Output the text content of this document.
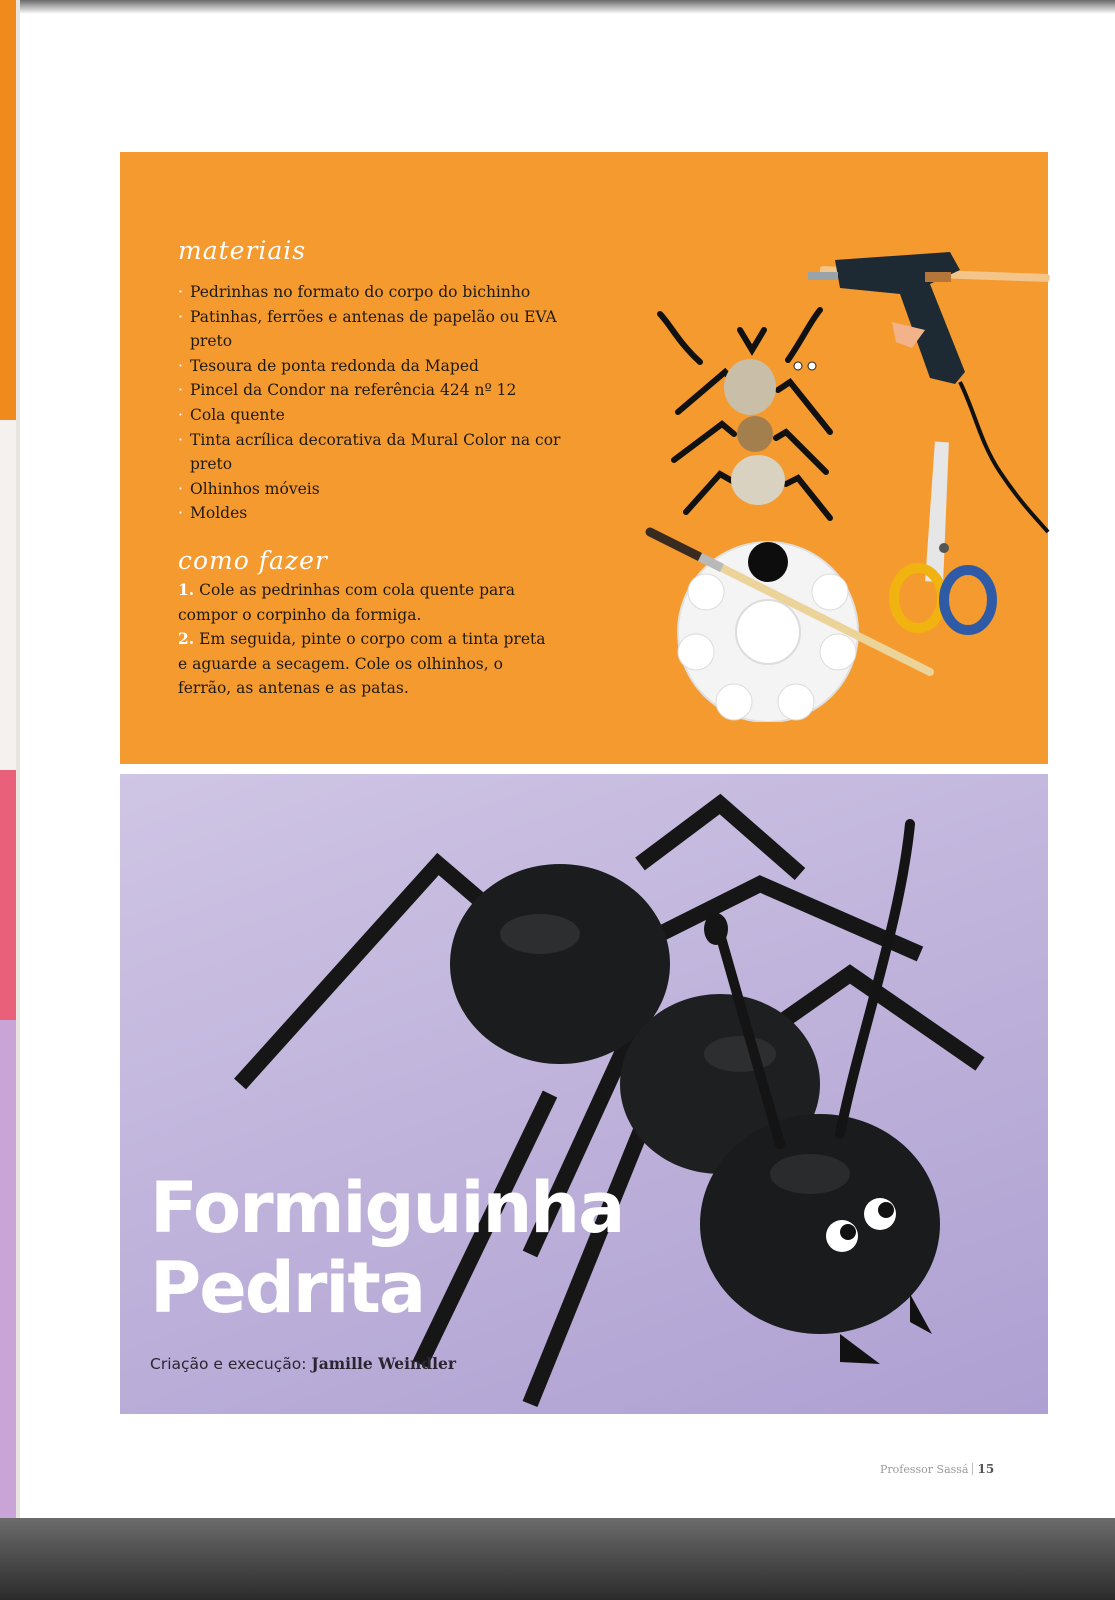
materiais
· Pedrinhas no formato do corpo do bichinho
· Patinhas, ferrões e antenas de papelão ou EVA preto
· Tesoura de ponta redonda da Maped
· Pincel da Condor na referência 424 nº 12
· Cola quente
· Tinta acrílica decorativa da Mural Color na cor preto
· Olhinhos móveis
· Moldes
como fazer

1. Cole as pedrinhas com cola quente para compor o corpinho da formiga.

2. Em seguida, pinte o corpo com a tinta preta e aguarde a secagem. Cole os olhinhos, o ferrão, as antenas e as patas.

Formiguinha
Pedrita
Criação e execução: Jamille Weindler
Professor Sassá 15
